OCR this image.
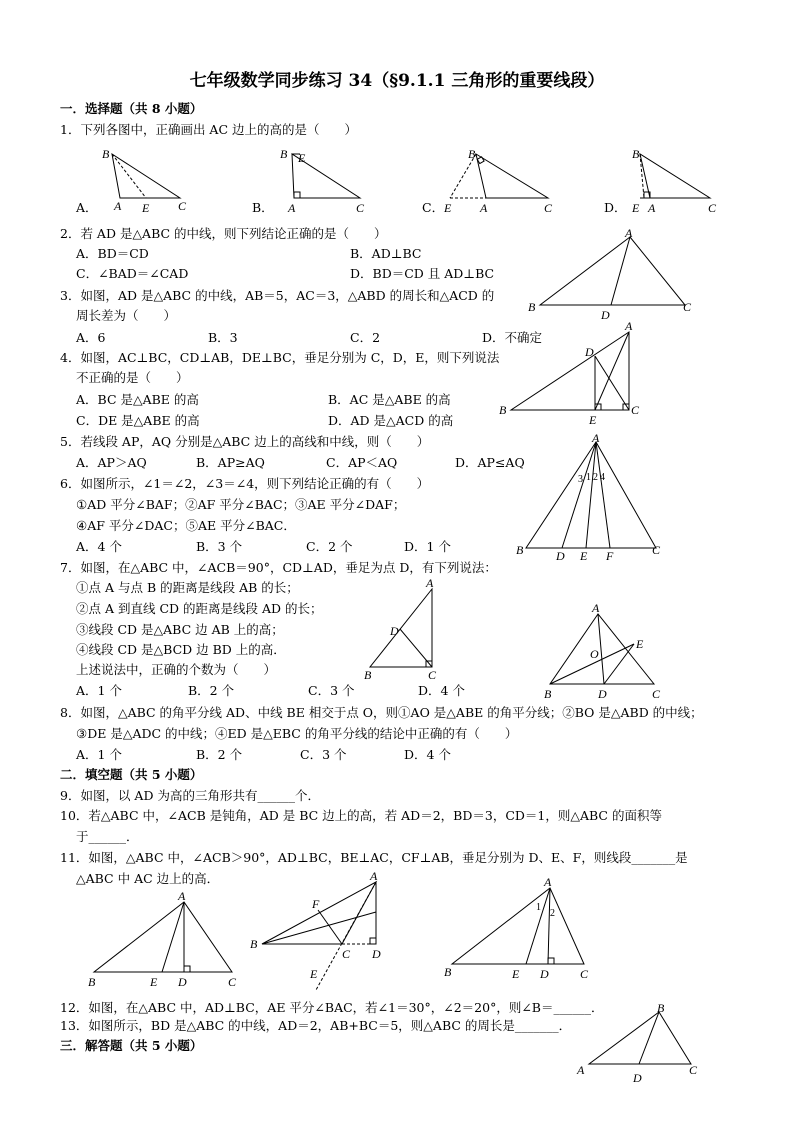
七年级数学同步练习 34（§9.1.1 三角形的重要线段）
一．选择题（共 8 小题）
1．下列各图中，正确画出 AC 边上的高的是（　　）
B
A E C
B E
A	C
B
E A	C
B
E A	C
A．	B．	C．	D．
2．若 AD 是△ABC 的中线，则下列结论正确的是（　　）
A．BD＝CD	B．AD⊥BC
C．∠BAD＝∠CAD	D．BD＝CD 且 AD⊥BC
A
B
D
C
3．如图，AD 是△ABC 的中线，AB＝5，AC＝3，△ABD 的周长和△ACD 的
周长差为（　　）
A．6	B．3	C．2	D．不确定
A
D
B
E
C
4．如图，AC⊥BC，CD⊥AB，DE⊥BC，垂足分别为 C，D，E，则下列说法
不正确的是（　　）
A．BC 是△ABE 的高	B．AC 是△ABE 的高
C．DE 是△ABE 的高	D．AD 是△ACD 的高
5．若线段 AP，AQ 分别是△ABC 边上的高线和中线，则（　　）
A．AP＞AQ	B．AP≥AQ	C．AP＜AQ	D．AP≤AQ
A
3 1 2 4
B	D E F	C
6．如图所示，∠1＝∠2，∠3＝∠4，则下列结论正确的有（　　）
①AD 平分∠BAF；②AF 平分∠BAC；③AE 平分∠DAF；
④AF 平分∠DAC；⑤AE 平分∠BAC．
A．4 个	B．3 个	C．2 个	D．1 个
7．如图，在△ABC 中，∠ACB＝90°，CD⊥AD，垂足为点 D，有下列说法：
①点 A 与点 B 的距离是线段 AB 的长；
②点 A 到直线 CD 的距离是线段 AD 的长；
③线段 CD 是△ABC 边 AB 上的高；
④线段 CD 是△BCD 边 BD 上的高．
上述说法中，正确的个数为（　　）
A．1 个	B．2 个	C．3 个	D．4 个
A
D
B	C
A
E
O
B	D	C
8．如图，△ABC 的角平分线 AD、中线 BE 相交于点 O，则①AO 是△ABE 的角平分线；②BO 是△ABD 的中线；
③DE 是△ADC 的中线；④ED 是△EBC 的角平分线的结论中正确的有（　　）
A．1 个	B．2 个	C．3 个	D．4 个
二．填空题（共 5 小题）
9．如图，以 AD 为高的三角形共有______个．
10．若△ABC 中，∠ACB 是钝角，AD 是 BC 边上的高，若 AD＝2，BD＝3，CD＝1，则△ABC 的面积等
于______．
11．如图，△ABC 中，∠ACB＞90°，AD⊥BC，BE⊥AC，CF⊥AB，垂足分别为 D、E、F，则线段_______是
△ABC 中 AC 边上的高．
A
B	E D	C
A
F
B
C D
E
A
1
2
B	E D	C
12．如图，在△ABC 中，AD⊥BC，AE 平分∠BAC，若∠1＝30°，∠2＝20°，则∠B＝______．
13．如图所示，BD 是△ABC 的中线，AD＝2，AB+BC＝5，则△ABC 的周长是_______．
三．解答题（共 5 小题）
B
A
D
C
